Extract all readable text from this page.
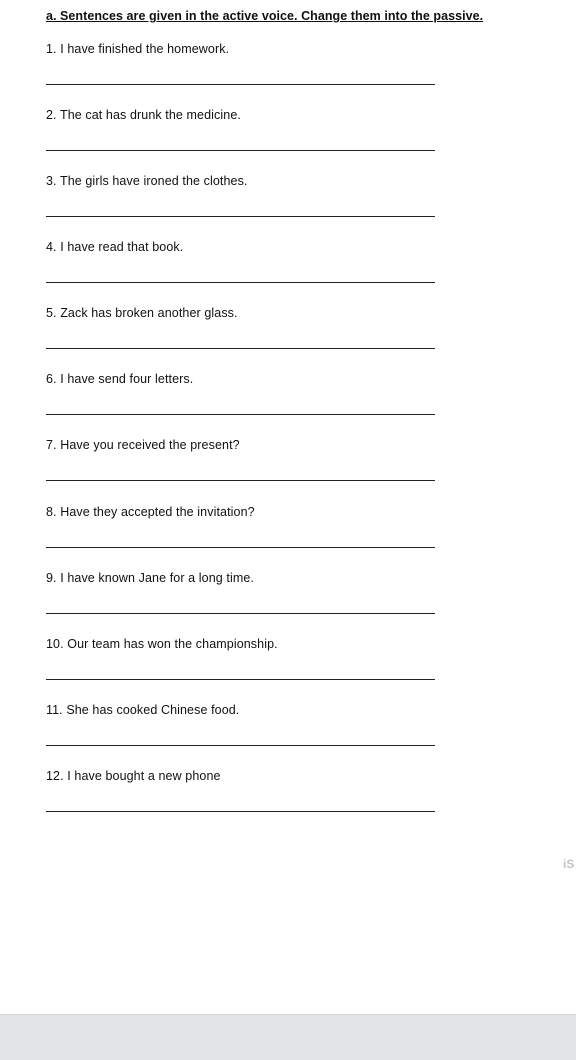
a. Sentences are given in the active voice. Change them into the passive.
1. I have finished the homework.
2. The cat has drunk the medicine.
3. The girls have ironed the clothes.
4. I have read that book.
5. Zack has broken another glass.
6. I have send four letters.
7. Have you received the present?
8. Have they accepted the invitation?
9. I have known Jane for a long time.
10. Our team has won the championship.
11. She has cooked Chinese food.
12. I have bought a new phone
iS
